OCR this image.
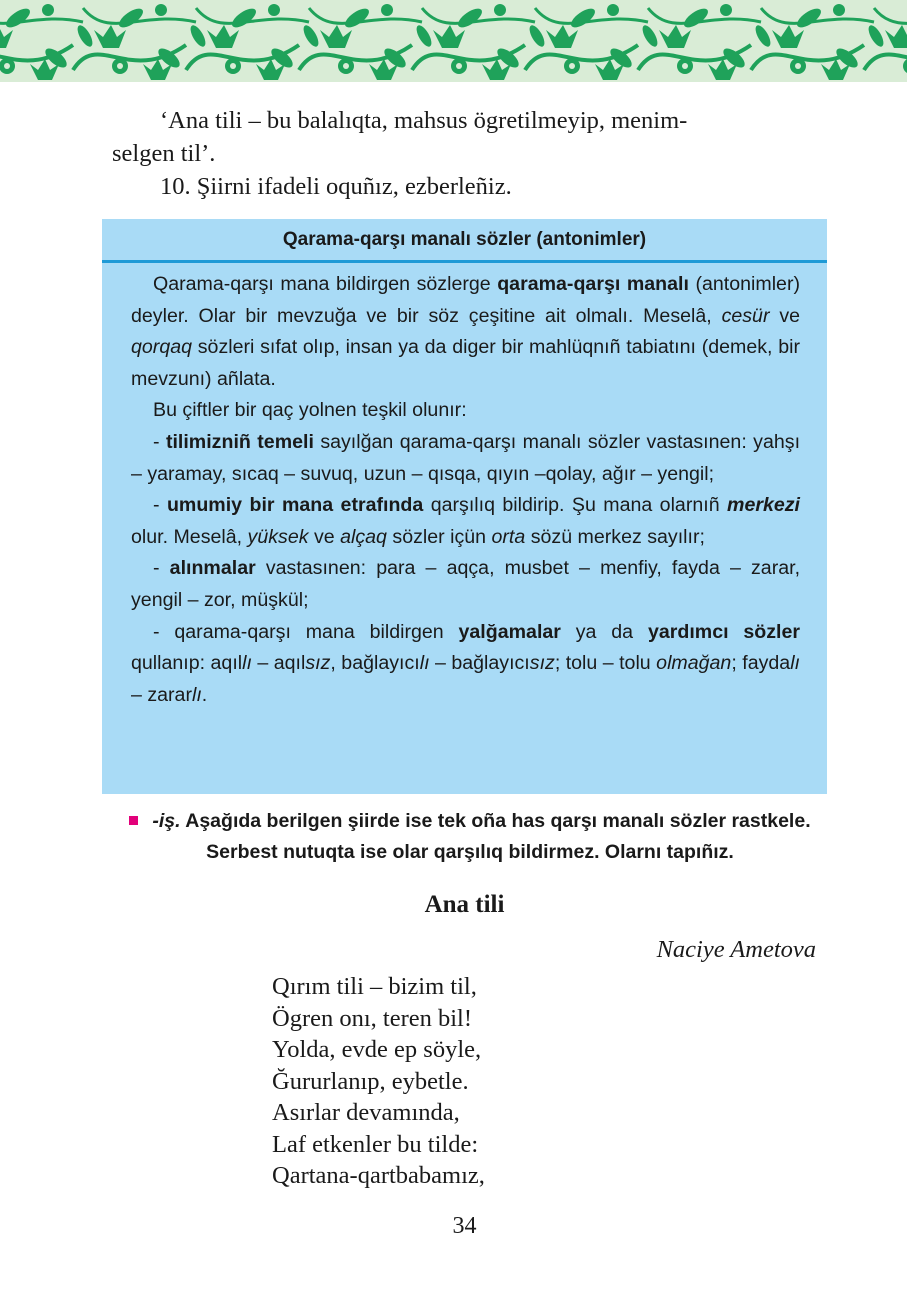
‘Ana tili – bu balalıqta, mahsus ögretilmeyip, menim-
selgen til’.
10. Şiirni ifadeli oquñız, ezberleñiz.
Qarama-qarşı manalı sözler (antonimler)

Qarama-qarşı mana bildirgen sözlerge qarama-qarşı manalı (antonimler) deyler. Olar bir mevzuğa ve bir söz çeşitine ait olmalı. Meselâ, cesür ve qorqaq sözleri sıfat olıp, insan ya da diger bir mahlüqnıñ tabiatını (demek, bir mevzunı) añlata.

Bu çiftler bir qaç yolnen teşkil olunır:

- tilimizniñ temeli sayılğan qarama-qarşı manalı sözler vastasınen: yahşı – yaramay, sıcaq – suvuq, uzun – qısqa, qıyın –qolay, ağır – yengil;

- umumiy bir mana etrafında qarşılıq bildirip. Şu mana olarnıñ merkezi olur. Meselâ, yüksek ve alçaq sözler içün orta sözü merkez sayılır;

- alınmalar vastasınen: para – aqça, musbet – menfiy, fayda – zarar, yengil – zor, müşkül;

- qarama-qarşı mana bildirgen yalğamalar ya da yardımcı sözler qullanıp: aqıllı – aqılsız, bağlayıcılı – bağlayıcısız; tolu – tolu olmağan; faydalı – zararlı.

-iş. Aşağıda berilgen şiirde ise tek oña has qarşı manalı sözler rastkele. Serbest nutuqta ise olar qarşılıq bildirmez. Olarnı tapıñız.
Ana tili
Naciye Ametova
Qırım tili – bizim til,
Ögren onı, teren bil!
Yolda, evde ep söyle,
Ğururlanıp, eybetle.
Asırlar devamında,
Laf etkenler bu tilde:
Qartana-qartbabamız,
34
